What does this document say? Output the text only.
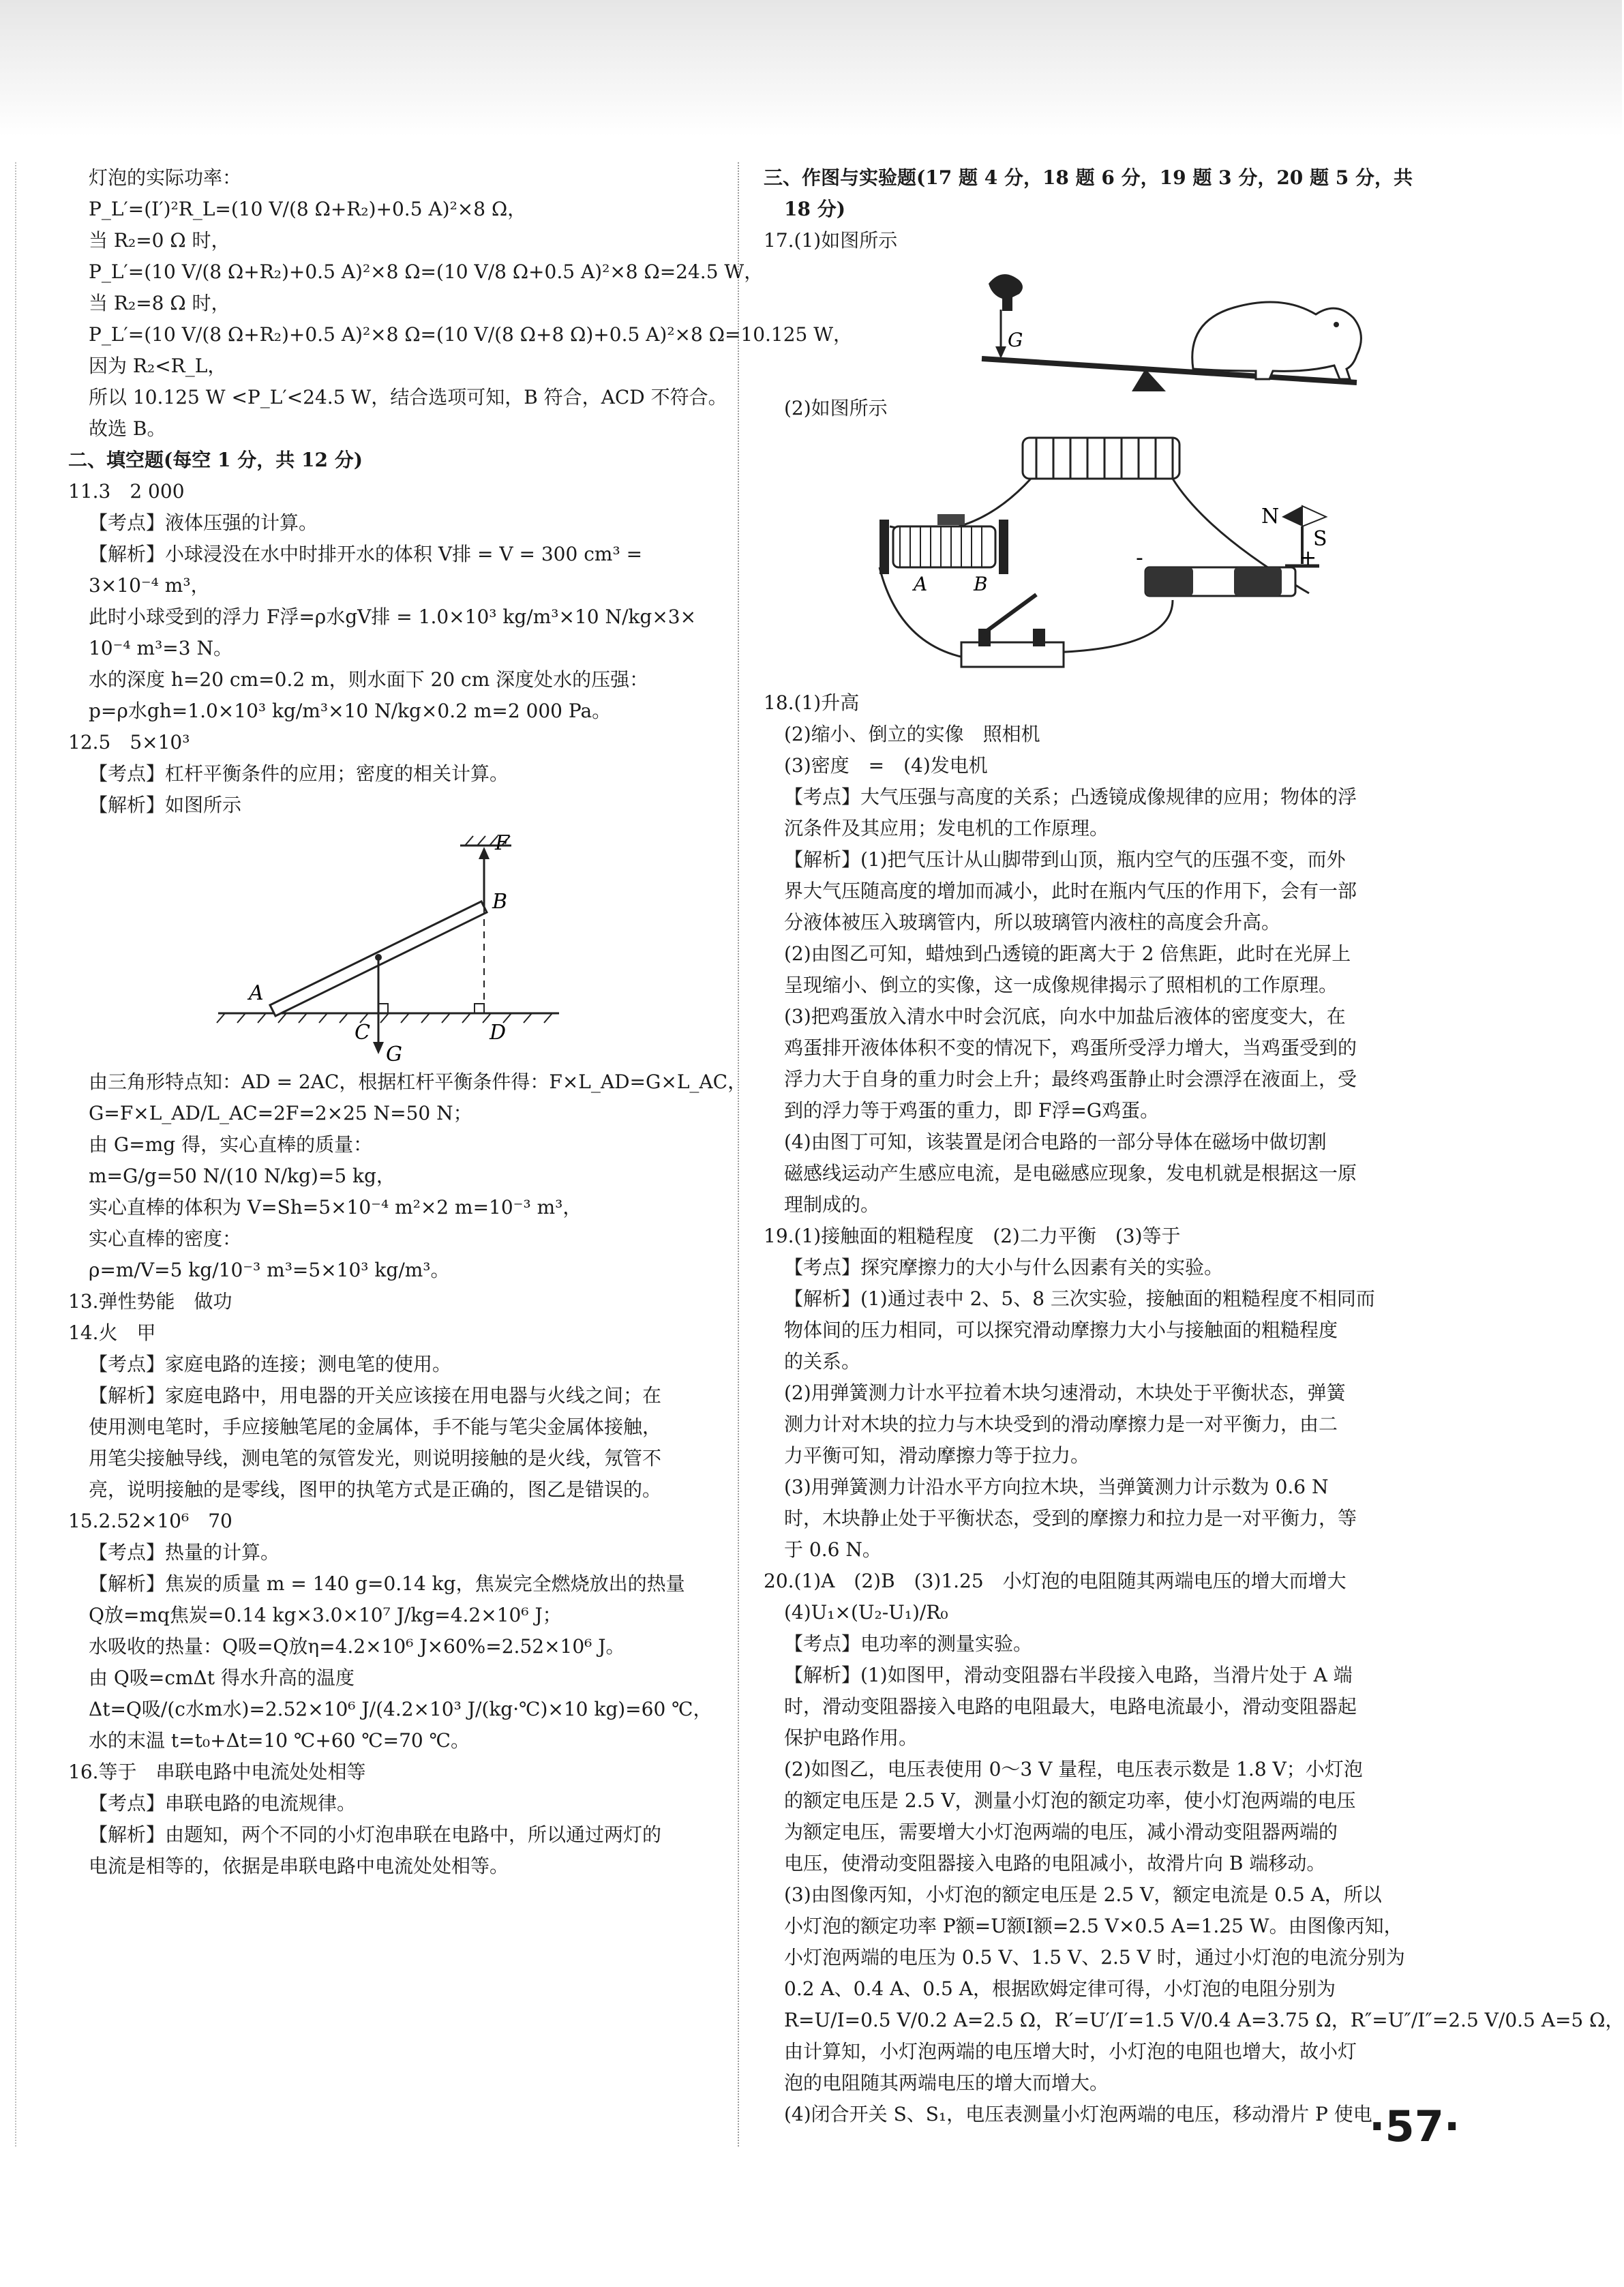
灯泡的实际功率：
P_L′=(I′)²R_L=(10 V/(8 Ω+R₂)+0.5 A)²×8 Ω，
当 R₂=0 Ω 时，
P_L′=(10 V/(8 Ω+R₂)+0.5 A)²×8 Ω=(10 V/8 Ω+0.5 A)²×8 Ω=24.5 W，
当 R₂=8 Ω 时，
P_L′=(10 V/(8 Ω+R₂)+0.5 A)²×8 Ω=(10 V/(8 Ω+8 Ω)+0.5 A)²×8 Ω=10.125 W，
因为 R₂<R_L，
所以 10.125 W <P_L′<24.5 W，结合选项可知，B 符合，ACD 不符合。
故选 B。
二、填空题(每空 1 分，共 12 分)
11.3　2 000
【考点】液体压强的计算。
【解析】小球浸没在水中时排开水的体积 V排 = V = 300 cm³ =
3×10⁻⁴ m³，
此时小球受到的浮力 F浮=ρ水gV排 = 1.0×10³ kg/m³×10 N/kg×3×
10⁻⁴ m³=3 N。
水的深度 h=20 cm=0.2 m，则水面下 20 cm 深度处水的压强：
p=ρ水gh=1.0×10³ kg/m³×10 N/kg×0.2 m=2 000 Pa。
12.5　5×10³
【考点】杠杆平衡条件的应用；密度的相关计算。
【解析】如图所示
F
B
A
C	D
G
由三角形特点知：AD = 2AC，根据杠杆平衡条件得：F×L_AD=G×L_AC，
G=F×L_AD/L_AC=2F=2×25 N=50 N；
由 G=mg 得，实心直棒的质量：
m=G/g=50 N/(10 N/kg)=5 kg，
实心直棒的体积为 V=Sh=5×10⁻⁴ m²×2 m=10⁻³ m³，
实心直棒的密度：
ρ=m/V=5 kg/10⁻³ m³=5×10³ kg/m³。
13.弹性势能　做功
14.火　甲
【考点】家庭电路的连接；测电笔的使用。
【解析】家庭电路中，用电器的开关应该接在用电器与火线之间；在
使用测电笔时，手应接触笔尾的金属体，手不能与笔尖金属体接触，
用笔尖接触导线，测电笔的氖管发光，则说明接触的是火线，氖管不
亮，说明接触的是零线，图甲的执笔方式是正确的，图乙是错误的。
15.2.52×10⁶　70
【考点】热量的计算。
【解析】焦炭的质量 m = 140 g=0.14 kg，焦炭完全燃烧放出的热量
Q放=mq焦炭=0.14 kg×3.0×10⁷ J/kg=4.2×10⁶ J；
水吸收的热量：Q吸=Q放η=4.2×10⁶ J×60%=2.52×10⁶ J。
由 Q吸=cmΔt 得水升高的温度
Δt=Q吸/(c水m水)=2.52×10⁶ J/(4.2×10³ J/(kg·℃)×10 kg)=60 ℃，
水的末温 t=t₀+Δt=10 ℃+60 ℃=70 ℃。
16.等于　串联电路中电流处处相等
【考点】串联电路的电流规律。
【解析】由题知，两个不同的小灯泡串联在电路中，所以通过两灯的
电流是相等的，依据是串联电路中电流处处相等。
三、作图与实验题(17 题 4 分，18 题 6 分，19 题 3 分，20 题 5 分，共
18 分)
17.(1)如图所示
G
(2)如图所示
N
S
A B
-	+
18.(1)升高
(2)缩小、倒立的实像　照相机
(3)密度　=　(4)发电机
【考点】大气压强与高度的关系；凸透镜成像规律的应用；物体的浮
沉条件及其应用；发电机的工作原理。
【解析】(1)把气压计从山脚带到山顶，瓶内空气的压强不变，而外
界大气压随高度的增加而减小，此时在瓶内气压的作用下，会有一部
分液体被压入玻璃管内，所以玻璃管内液柱的高度会升高。
(2)由图乙可知，蜡烛到凸透镜的距离大于 2 倍焦距，此时在光屏上
呈现缩小、倒立的实像，这一成像规律揭示了照相机的工作原理。
(3)把鸡蛋放入清水中时会沉底，向水中加盐后液体的密度变大，在
鸡蛋排开液体体积不变的情况下，鸡蛋所受浮力增大，当鸡蛋受到的
浮力大于自身的重力时会上升；最终鸡蛋静止时会漂浮在液面上，受
到的浮力等于鸡蛋的重力，即 F浮=G鸡蛋。
(4)由图丁可知，该装置是闭合电路的一部分导体在磁场中做切割
磁感线运动产生感应电流，是电磁感应现象，发电机就是根据这一原
理制成的。
19.(1)接触面的粗糙程度　(2)二力平衡　(3)等于
【考点】探究摩擦力的大小与什么因素有关的实验。
【解析】(1)通过表中 2、5、8 三次实验，接触面的粗糙程度不相同而
物体间的压力相同，可以探究滑动摩擦力大小与接触面的粗糙程度
的关系。
(2)用弹簧测力计水平拉着木块匀速滑动，木块处于平衡状态，弹簧
测力计对木块的拉力与木块受到的滑动摩擦力是一对平衡力，由二
力平衡可知，滑动摩擦力等于拉力。
(3)用弹簧测力计沿水平方向拉木块，当弹簧测力计示数为 0.6 N
时，木块静止处于平衡状态，受到的摩擦力和拉力是一对平衡力，等
于 0.6 N。
20.(1)A　(2)B　(3)1.25　小灯泡的电阻随其两端电压的增大而增大
(4)U₁×(U₂-U₁)/R₀
【考点】电功率的测量实验。
【解析】(1)如图甲，滑动变阻器右半段接入电路，当滑片处于 A 端
时，滑动变阻器接入电路的电阻最大，电路电流最小，滑动变阻器起
保护电路作用。
(2)如图乙，电压表使用 0～3 V 量程，电压表示数是 1.8 V；小灯泡
的额定电压是 2.5 V，测量小灯泡的额定功率，使小灯泡两端的电压
为额定电压，需要增大小灯泡两端的电压，减小滑动变阻器两端的
电压，使滑动变阻器接入电路的电阻减小，故滑片向 B 端移动。
(3)由图像丙知，小灯泡的额定电压是 2.5 V，额定电流是 0.5 A，所以
小灯泡的额定功率 P额=U额I额=2.5 V×0.5 A=1.25 W。由图像丙知，
小灯泡两端的电压为 0.5 V、1.5 V、2.5 V 时，通过小灯泡的电流分别为
0.2 A、0.4 A、0.5 A，根据欧姆定律可得，小灯泡的电阻分别为
R=U/I=0.5 V/0.2 A=2.5 Ω，R′=U′/I′=1.5 V/0.4 A=3.75 Ω，R″=U″/I″=2.5 V/0.5 A=5 Ω，
由计算知，小灯泡两端的电压增大时，小灯泡的电阻也增大，故小灯
泡的电阻随其两端电压的增大而增大。
(4)闭合开关 S、S₁，电压表测量小灯泡两端的电压，移动滑片 P 使电
·57·
